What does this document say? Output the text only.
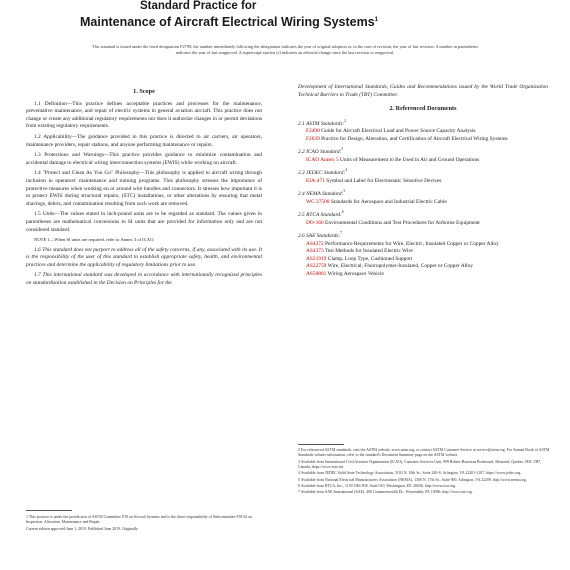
Standard Practice for
Maintenance of Aircraft Electrical Wiring Systems$^1$
This standard is issued under the fixed designation F2799; the number immediately following the designation indicates the year of original adoption or, in the case of revision, the year of last revision. A number in parentheses indicates the year of last reapproval. A superscript epsilon (ε) indicates an editorial change since the last revision or reapproval.
1. Scope

1.1 Definition—This practice defines acceptable practices and processes for the maintenance, preventative maintenance, and repair of electric systems in general aviation aircraft. This practice does not change or create any additional regulatory requirements nor does it authorize changes in or permit deviations from existing regulatory requirements.

1.2 Applicability—The guidance provided in this practice is directed to air carriers, air operators, maintenance providers, repair stations, and anyone performing maintenance or repairs.

1.3 Protections and Warnings—This practice provides guidance to minimize contamination and accidental damage to electrical wiring interconnection systems (EWIS) while working on aircraft.

1.4 "Protect and Clean As You Go" Philosophy—This philosophy is applied to aircraft wiring through inclusion in operators' maintenance and training programs. This philosophy stresses the importance of protective measures when working on or around wire bundles and connectors. It stresses how important it is to protect EWIS during structural repairs, (STC) installations, or other alterations by ensuring that metal shavings, debris, and contamination resulting from such work are removed.

1.5 Units—The values stated in inch-pound units are to be regarded as standard. The values given in parentheses are mathematical conversions to SI units that are provided for information only and are not considered standard.

NOTE 1—When SI units are required, refer to Annex 3 of ICAO.

1.6 This standard does not purport to address all of the safety concerns, if any, associated with its use. It is the responsibility of the user of this standard to establish appropriate safety, health, and environmental practices and determine the applicability of regulatory limitations prior to use.

1.7 This international standard was developed in accordance with internationally recognized principles on standardization established in the Decision on Principles for the

1 This practice is under the jurisdiction of ASTM Committee F39 on Aircraft Systems and is the direct responsibility of Subcommittee F39.02 on Inspection, Alteration, Maintenance and Repair.

Current edition approved June 1, 2019. Published June 2019. Originally

Development of International Standards, Guides and Recommendations issued by the World Trade Organization Technical Barriers to Trade (TBT) Committee.

2. Referenced Documents
2.1 ASTM Standards:$^2$
F2490 Guide for Aircraft Electrical Load and Power Source Capacity Analysis
F2639 Practice for Design, Alteration, and Certification of Aircraft Electrical Wiring Systems
2.2 ICAO Standard:$^3$
ICAO Annex 5 Units of Measurement to Be Used in Air and Ground Operations
2.3 JEDEC Standard:$^4$
EIA-471 Symbol and Label for Electrostatic Sensitive Devices
2.4 NEMA Standard:$^5$
WC 27500 Standards for Aerospace and Industrial Electric Cable
2.5 RTCA Standard:$^6$
DO-160 Environmental Conditions and Test Procedures for Airborne Equipment
2.6 SAE Standards:$^7$
AS4372 Performance Requirements for Wire, Electric, Insulated Copper or Copper Alloy
AS4373 Test Methods for Insulated Electric Wire
AS21919 Clamp, Loop Type, Cushioned Support
AS22759 Wire, Electrical, Fluoropolymer-Insulated, Copper or Copper Alloy
AS50881 Wiring Aerospace Vehicle

2 For referenced ASTM standards, visit the ASTM website, www.astm.org, or contact ASTM Customer Service at service@astm.org. For Annual Book of ASTM Standards volume information, refer to the standard's Document Summary page on the ASTM website.

3 Available from International Civil Aviation Organization (ICAO), Customer Services Unit, 999 Robert-Bourassa Boulevard, Montreal, Quebec, H3C 5H7, Canada, https://www.icao.int.

4 Available from JEDEC Solid State Technology Association, 3103 N. 10th St., Suite 240-S, Arlington, VA 22201-2107, https://www.jedec.org.

5 Available from National Electrical Manufacturers Association (NEMA), 1300 N. 17th St., Suite 900, Arlington, VA 22209, http://www.nema.org.

6 Available from RTCA, Inc., 1150 18th NW, Suite 910, Washington, DC 20036, http://www.rtca.org.

7 Available from SAE International (SAE), 400 Commonwealth Dr., Warrendale, PA 15096, http://www.sae.org.
